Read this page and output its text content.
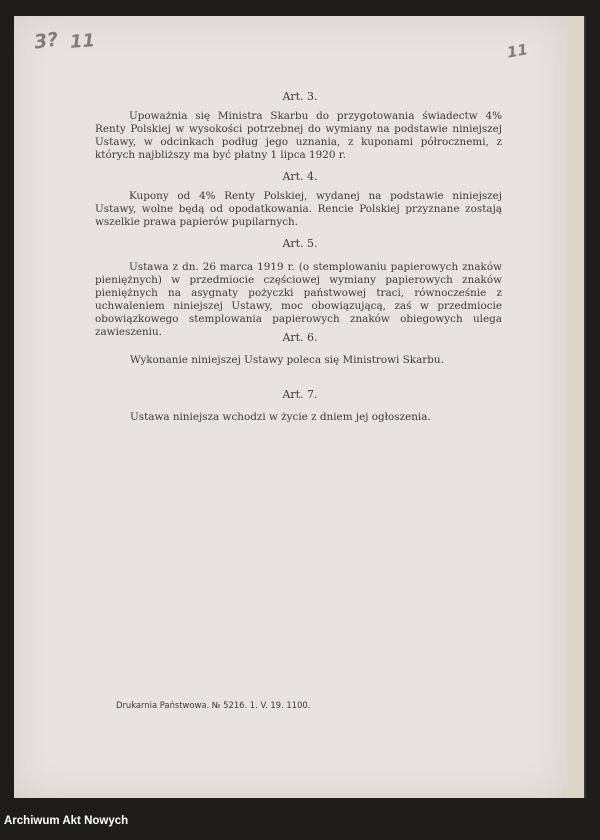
3? 11	11
Art. 3.
Upoważnia się Ministra Skarbu do przygotowania świadectw 4% Renty Polskiej w wysokości potrzebnej do wymiany na podstawie niniejszej Ustawy, w odcinkach podług jego uznania, z kuponami półrocznemi, z których najbliższy ma być płatny 1 lipca 1920 r.
Art. 4.
Kupony od 4% Renty Polskiej, wydanej na podstawie niniejszej Ustawy, wolne będą od opodatkowania. Rencie Polskiej przyznane zostają wszelkie prawa papierów pupilarnych.
Art. 5.
Ustawa z dn. 26 marca 1919 r. (o stemplowaniu papierowych znaków pieniężnych) w przedmiocie częściowej wymiany papierowych znaków pieniężnych na asygnaty pożyczki państwowej traci, równocześnie z uchwaleniem niniejszej Ustawy, moc obowiązującą, zaś w przedmiocie obowiązkowego stemplowania papierowych znaków obiegowych ulega zawieszeniu.	Art. 6.
Wykonanie niniejszej Ustawy poleca się Ministrowi Skarbu.
Art. 7.
Ustawa niniejsza wchodzi w życie z dniem jej ogłoszenia.
Drukarnia Państwowa. № 5216. 1. V. 19. 1100.
Archiwum Akt Nowych
